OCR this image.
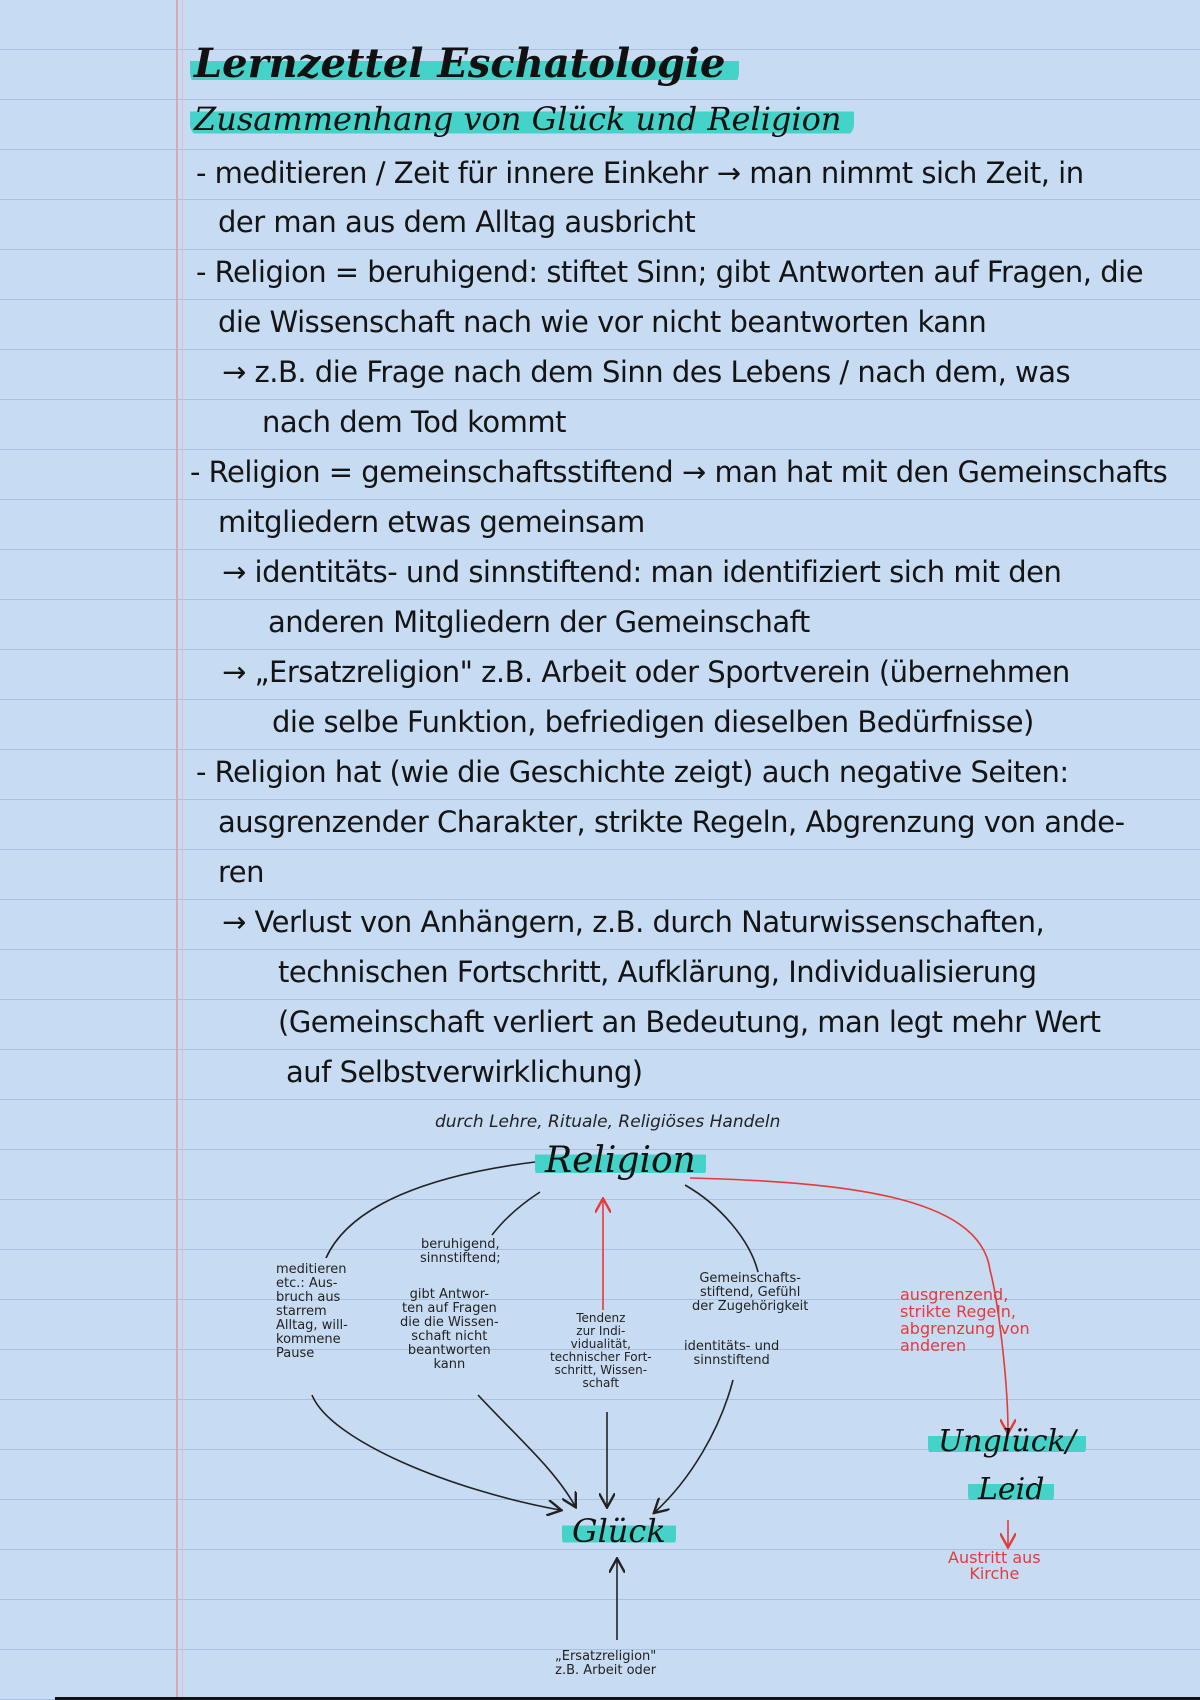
Lernzettel Eschatologie
Zusammenhang von Glück und Religion
- meditieren / Zeit für innere Einkehr → man nimmt sich Zeit, in
der man aus dem Alltag ausbricht
- Religion = beruhigend: stiftet Sinn; gibt Antworten auf Fragen, die
die Wissenschaft nach wie vor nicht beantworten kann
→ z.B. die Frage nach dem Sinn des Lebens / nach dem, was
nach dem Tod kommt
- Religion = gemeinschaftsstiftend → man hat mit den Gemeinschafts
mitgliedern etwas gemeinsam
→ identitäts- und sinnstiftend: man identifiziert sich mit den
anderen Mitgliedern der Gemeinschaft
→ „Ersatzreligion" z.B. Arbeit oder Sportverein (übernehmen
die selbe Funktion, befriedigen dieselben Bedürfnisse)
- Religion hat (wie die Geschichte zeigt) auch negative Seiten:
ausgrenzender Charakter, strikte Regeln, Abgrenzung von ande-
ren
→ Verlust von Anhängern, z.B. durch Naturwissenschaften,
technischen Fortschritt, Aufklärung, Individualisierung
(Gemeinschaft verliert an Bedeutung, man legt mehr Wert
auf Selbstverwirklichung)
durch Lehre, Rituale, Religiöses Handeln
Religion
meditieren
etc.: Aus-
bruch aus
starrem
Alltag, will-
kommene
Pause
beruhigend,
sinnstiftend;
gibt Antwor-
ten auf Fragen
die die Wissen-
schaft nicht
beantworten
kann
Tendenz
zur Indi-
vidualität,
technischer Fort-
schritt, Wissen-
schaft
Gemeinschafts-
stiftend, Gefühl
der Zugehörigkeit
identitäts- und
sinnstiftend
ausgrenzend,
strikte Regeln,
abgrenzung von
anderen
Unglück/
Leid
Austritt aus
Kirche
Glück
„Ersatzreligion"
z.B. Arbeit oder
